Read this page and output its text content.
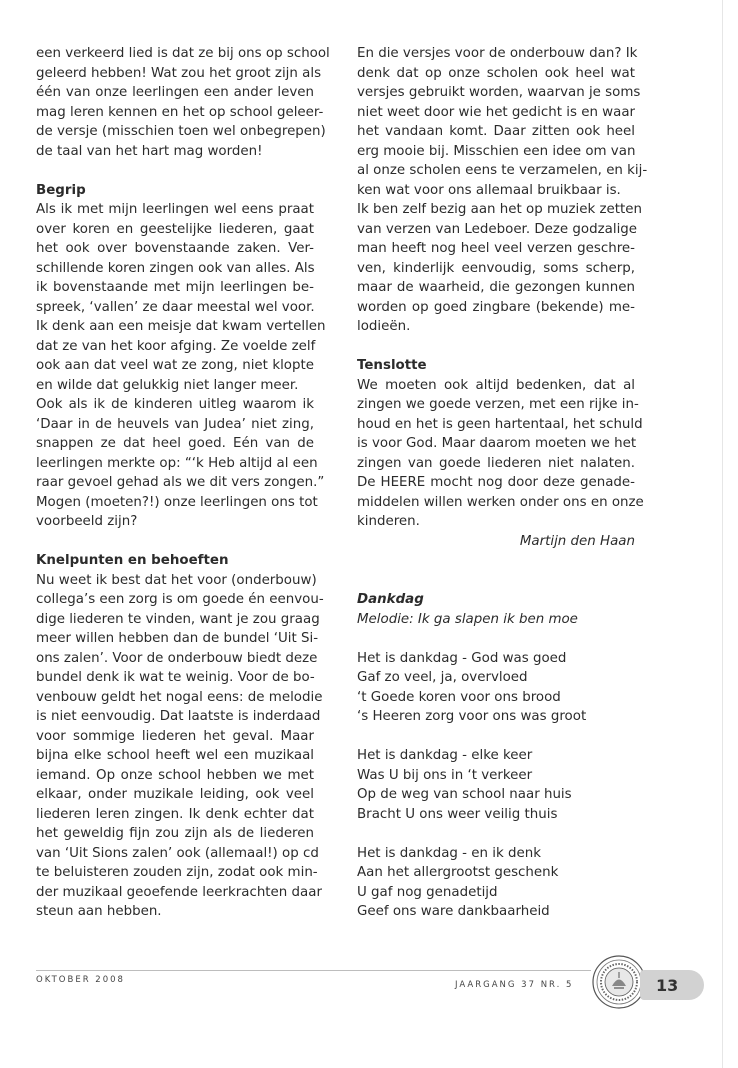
een verkeerd lied is dat ze bij ons op school
geleerd hebben! Wat zou het groot zijn als
één van onze leerlingen een ander leven
mag leren kennen en het op school geleer-
de versje (misschien toen wel onbegrepen)
de taal van het hart mag worden!
Begrip
Als ik met mijn leerlingen wel eens praat
over koren en geestelijke liederen, gaat
het ook over bovenstaande zaken. Ver-
schillende koren zingen ook van alles. Als
ik bovenstaande met mijn leerlingen be-
spreek, ‘vallen’ ze daar meestal wel voor.
Ik denk aan een meisje dat kwam vertellen
dat ze van het koor afging. Ze voelde zelf
ook aan dat veel wat ze zong, niet klopte
en wilde dat gelukkig niet langer meer.
Ook als ik de kinderen uitleg waarom ik
‘Daar in de heuvels van Judea’ niet zing,
snappen ze dat heel goed. Eén van de
leerlingen merkte op: “‘k Heb altijd al een
raar gevoel gehad als we dit vers zongen.”
Mogen (moeten?!) onze leerlingen ons tot
voorbeeld zijn?
Knelpunten en behoeften
Nu weet ik best dat het voor (onderbouw)
collega’s een zorg is om goede én eenvou-
dige liederen te vinden, want je zou graag
meer willen hebben dan de bundel ‘Uit Si-
ons zalen’. Voor de onderbouw biedt deze
bundel denk ik wat te weinig. Voor de bo-
venbouw geldt het nogal eens: de melodie
is niet eenvoudig. Dat laatste is inderdaad
voor sommige liederen het geval. Maar
bijna elke school heeft wel een muzikaal
iemand. Op onze school hebben we met
elkaar, onder muzikale leiding, ook veel
liederen leren zingen. Ik denk echter dat
het geweldig fijn zou zijn als de liederen
van ‘Uit Sions zalen’ ook (allemaal!) op cd
te beluisteren zouden zijn, zodat ook min-
der muzikaal geoefende leerkrachten daar
steun aan hebben.
En die versjes voor de onderbouw dan? Ik
denk dat op onze scholen ook heel wat
versjes gebruikt worden, waarvan je soms
niet weet door wie het gedicht is en waar
het vandaan komt. Daar zitten ook heel
erg mooie bij. Misschien een idee om van
al onze scholen eens te verzamelen, en kij-
ken wat voor ons allemaal bruikbaar is.
Ik ben zelf bezig aan het op muziek zetten
van verzen van Ledeboer. Deze godzalige
man heeft nog heel veel verzen geschre-
ven, kinderlijk eenvoudig, soms scherp,
maar de waarheid, die gezongen kunnen
worden op goed zingbare (bekende) me-
lodieën.
Tenslotte
We moeten ook altijd bedenken, dat al
zingen we goede verzen, met een rijke in-
houd en het is geen hartentaal, het schuld
is voor God. Maar daarom moeten we het
zingen van goede liederen niet nalaten.
De HEERE mocht nog door deze genade-
middelen willen werken onder ons en onze
kinderen.
Martijn den Haan
Dankdag
Melodie: Ik ga slapen ik ben moe
Het is dankdag - God was goed
Gaf zo veel, ja, overvloed
‘t Goede koren voor ons brood
‘s Heeren zorg voor ons was groot
Het is dankdag - elke keer
Was U bij ons in ‘t verkeer
Op de weg van school naar huis
Bracht U ons weer veilig thuis
Het is dankdag - en ik denk
Aan het allergrootst geschenk
U gaf nog genadetijd
Geef ons ware dankbaarheid
OKTOBER 2008	JAARGANG 37 NR. 5	13
